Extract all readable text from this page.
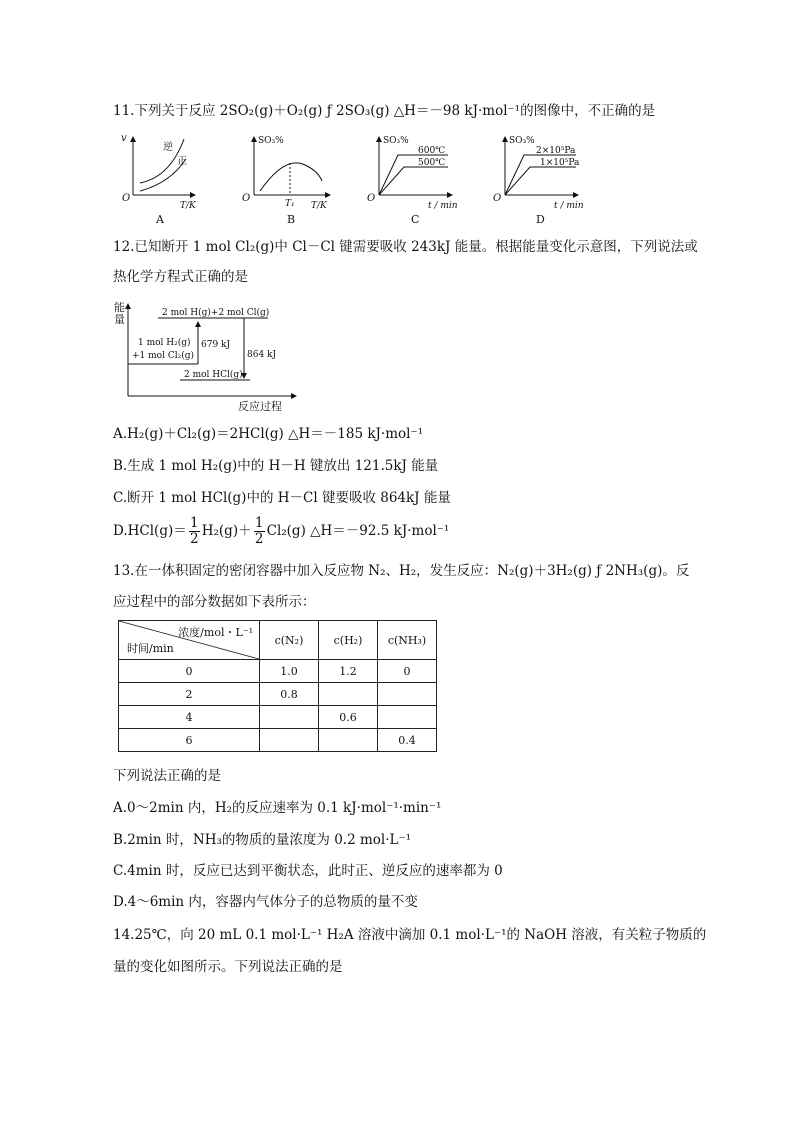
11.下列关于反应 2SO₂(g)＋O₂(g) ƒ 2SO₃(g) △H＝－98 kJ·mol⁻¹的图像中，不正确的是
v
逆
正
O
T/K
A
SO₃%
O	T₁ T/K
B
SO₃%
600℃
500℃
O
t / min
C
SO₃%
2×10⁵Pa
1×10⁵Pa
O
t / min
D
12.已知断开 1 mol Cl₂(g)中 Cl－Cl 键需要吸收 243kJ 能量。根据能量变化示意图，下列说法或
热化学方程式正确的是
能
量
反应过程
2 mol H(g)+2 mol Cl(g)
1 mol H₂(g)
+1 mol Cl₂(g)
679 kJ
2 mol HCl(g)
864 kJ
A.H₂(g)＋Cl₂(g)＝2HCl(g) △H＝－185 kJ·mol⁻¹
B.生成 1 mol H₂(g)中的 H－H 键放出 121.5kJ 能量
C.断开 1 mol HCl(g)中的 H－Cl 键要吸收 864kJ 能量
D.HCl(g)＝
1
2 H₂(g)＋
1
2 Cl₂(g) △H＝－92.5 kJ·mol⁻¹
13.在一体积固定的密闭容器中加入反应物 N₂、H₂，发生反应：N₂(g)＋3H₂(g) ƒ 2NH₃(g)。反
应过程中的部分数据如下表所示：
浓度/mol・L⁻¹
时间/min	c(N₂)	c(H₂)	c(NH₃)
0	1.0	1.2	0
2	0.8		
4		0.6	
6			0.4
下列说法正确的是
A.0～2min 内，H₂的反应速率为 0.1 kJ·mol⁻¹·min⁻¹
B.2min 时，NH₃的物质的量浓度为 0.2 mol·L⁻¹
C.4min 时，反应已达到平衡状态，此时正、逆反应的速率都为 0
D.4～6min 内，容器内气体分子的总物质的量不变
14.25℃，向 20 mL 0.1 mol·L⁻¹ H₂A 溶液中滴加 0.1 mol·L⁻¹的 NaOH 溶液，有关粒子物质的
量的变化如图所示。下列说法正确的是
